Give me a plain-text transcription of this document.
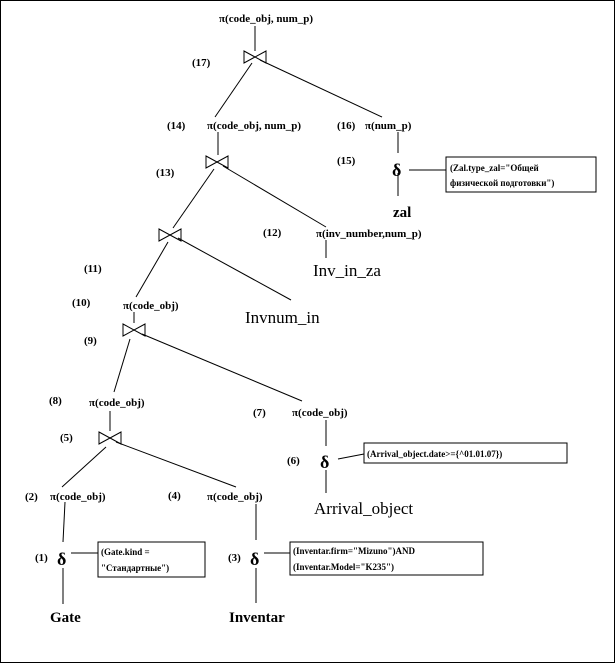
π(code_obj, num_p)
π(code_obj, num_p)	π(num_p)
π(inv_number,num_p)
π(code_obj)
π(code_obj)
π(code_obj)
π(code_obj)	π(code_obj)
(17)
(14)	(16)
(15)
(13)
(12)
(11)
(10)
(9)
(8)
(5)
(7)
(6)
(2)	(4)
(1)	(3)
δ
δ
δ	δ
zal
Inv_in_za
Invnum_in
Arrival_object
Gate	Inventar
(Zal.type_zal="Общей
физической подготовки")
(Arrival_object.date>={^01.01.07})
(Gate.kind =
"Стандартные")
(Inventar.firm="Mizuno")AND
(Inventar.Model="K235")
